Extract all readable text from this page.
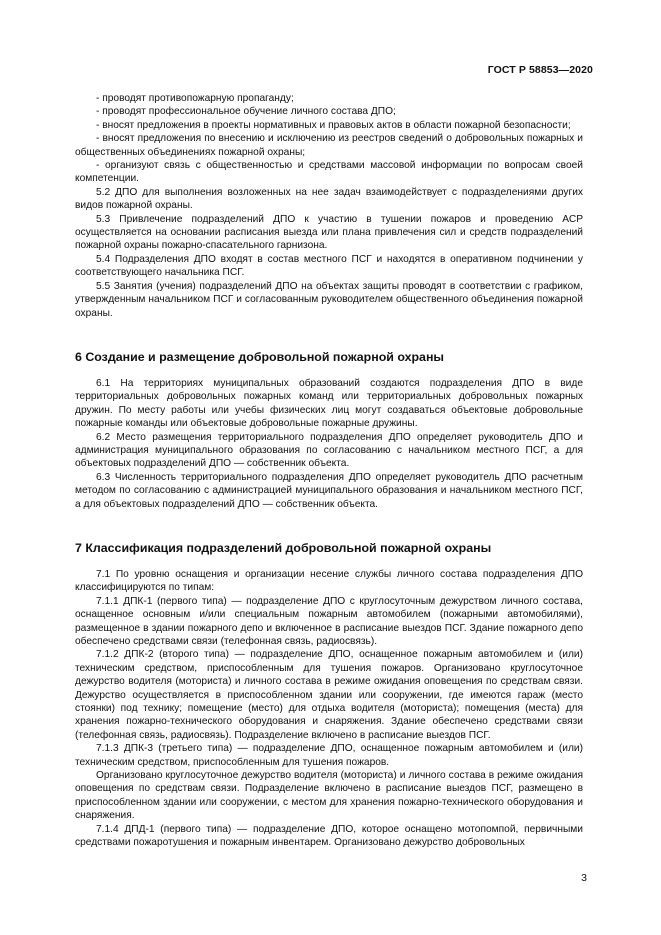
ГОСТ Р 58853—2020

- проводят противопожарную пропаганду;

- проводят профессиональное обучение личного состава ДПО;

- вносят предложения в проекты нормативных и правовых актов в области пожарной безопасности;

- вносят предложения по внесению и исключению из реестров сведений о добровольных пожарных и общественных объединениях пожарной охраны;

- организуют связь с общественностью и средствами массовой информации по вопросам своей компетенции.

5.2 ДПО для выполнения возложенных на нее задач взаимодействует с подразделениями других видов пожарной охраны.

5.3 Привлечение подразделений ДПО к участию в тушении пожаров и проведению АСР осуществляется на основании расписания выезда или плана привлечения сил и средств подразделений пожарной охраны пожарно-спасательного гарнизона.

5.4 Подразделения ДПО входят в состав местного ПСГ и находятся в оперативном подчинении у соответствующего начальника ПСГ.

5.5 Занятия (учения) подразделений ДПО на объектах защиты проводят в соответствии с графиком, утвержденным начальником ПСГ и согласованным руководителем общественного объединения пожарной охраны.

6 Создание и размещение добровольной пожарной охраны

6.1 На территориях муниципальных образований создаются подразделения ДПО в виде территориальных добровольных пожарных команд или территориальных добровольных пожарных дружин. По месту работы или учебы физических лиц могут создаваться объектовые добровольные пожарные команды или объектовые добровольные пожарные дружины.

6.2 Место размещения территориального подразделения ДПО определяет руководитель ДПО и администрация муниципального образования по согласованию с начальником местного ПСГ, а для объектовых подразделений ДПО — собственник объекта.

6.3 Численность территориального подразделения ДПО определяет руководитель ДПО расчетным методом по согласованию с администрацией муниципального образования и начальником местного ПСГ, а для объектовых подразделений ДПО — собственник объекта.

7 Классификация подразделений добровольной пожарной охраны

7.1 По уровню оснащения и организации несение службы личного состава подразделения ДПО классифицируются по типам:

7.1.1 ДПК-1 (первого типа) — подразделение ДПО с круглосуточным дежурством личного состава, оснащенное основным и/или специальным пожарным автомобилем (пожарными автомобилями), размещенное в здании пожарного депо и включенное в расписание выездов ПСГ. Здание пожарного депо обеспечено средствами связи (телефонная связь, радиосвязь).

7.1.2 ДПК-2 (второго типа) — подразделение ДПО, оснащенное пожарным автомобилем и (или) техническим средством, приспособленным для тушения пожаров. Организовано круглосуточное дежурство водителя (моториста) и личного состава в режиме ожидания оповещения по средствам связи. Дежурство осуществляется в приспособленном здании или сооружении, где имеются гараж (место стоянки) под технику; помещение (место) для отдыха водителя (моториста); помещения (места) для хранения пожарно-технического оборудования и снаряжения. Здание обеспечено средствами связи (телефонная связь, радиосвязь). Подразделение включено в расписание выездов ПСГ.

7.1.3 ДПК-3 (третьего типа) — подразделение ДПО, оснащенное пожарным автомобилем и (или) техническим средством, приспособленным для тушения пожаров.

Организовано круглосуточное дежурство водителя (моториста) и личного состава в режиме ожидания оповещения по средствам связи. Подразделение включено в расписание выездов ПСГ, размещено в приспособленном здании или сооружении, с местом для хранения пожарно-технического оборудования и снаряжения.

7.1.4 ДПД-1 (первого типа) — подразделение ДПО, которое оснащено мотопомпой, первичными средствами пожаротушения и пожарным инвентарем. Организовано дежурство добровольных

3
